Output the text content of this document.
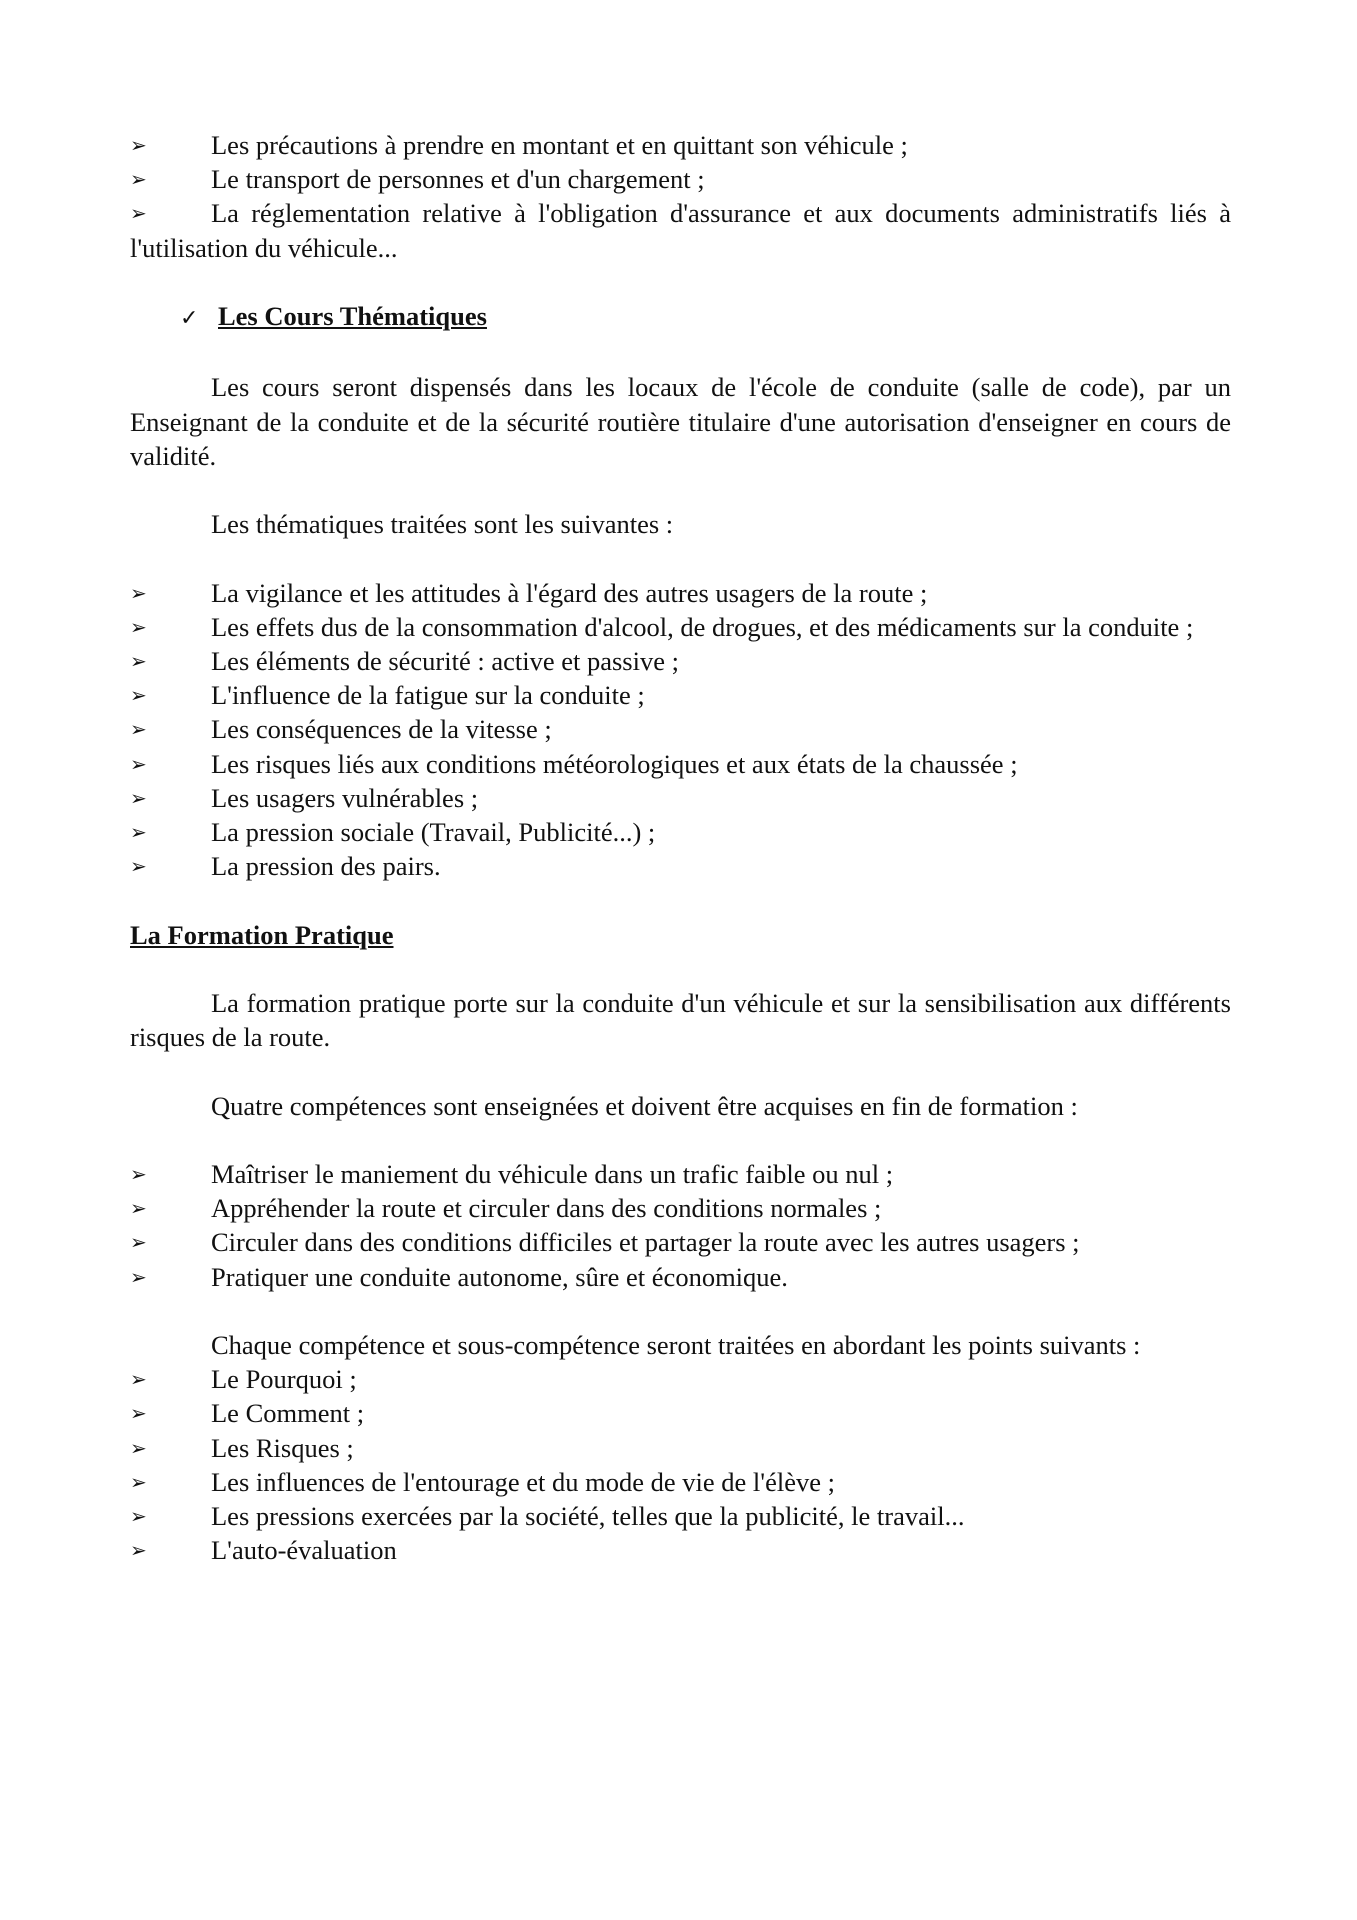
➢	Les précautions à prendre en montant et en quittant son véhicule ;

➢	Le transport de personnes et d'un chargement ;

➢	La réglementation relative à l'obligation d'assurance et aux documents administratifs liés à l'utilisation du véhicule...

✓ Les Cours Thématiques

Les cours seront dispensés dans les locaux de l'école de conduite (salle de code), par un Enseignant de la conduite et de la sécurité routière titulaire d'une autorisation d'enseigner en cours de validité.

Les thématiques traitées sont les suivantes :

➢	La vigilance et les attitudes à l'égard des autres usagers de la route ;

➢	Les effets dus de la consommation d'alcool, de drogues, et des médicaments sur la conduite ;

➢	Les éléments de sécurité : active et passive ;

➢	L'influence de la fatigue sur la conduite ;

➢	Les conséquences de la vitesse ;

➢	Les risques liés aux conditions météorologiques et aux états de la chaussée ;

➢	Les usagers vulnérables ;

➢	La pression sociale (Travail, Publicité...) ;

➢	La pression des pairs.

La Formation Pratique

La formation pratique porte sur la conduite d'un véhicule et sur la sensibilisation aux différents risques de la route.

Quatre compétences sont enseignées et doivent être acquises en fin de formation :

➢	Maîtriser le maniement du véhicule dans un trafic faible ou nul ;

➢	Appréhender la route et circuler dans des conditions normales ;

➢	Circuler dans des conditions difficiles et partager la route avec les autres usagers ;

➢	Pratiquer une conduite autonome, sûre et économique.

Chaque compétence et sous-compétence seront traitées en abordant les points suivants :

➢	Le Pourquoi ;

➢	Le Comment ;

➢	Les Risques ;

➢	Les influences de l'entourage et du mode de vie de l'élève ;

➢	Les pressions exercées par la société, telles que la publicité, le travail...

➢	L'auto-évaluation
